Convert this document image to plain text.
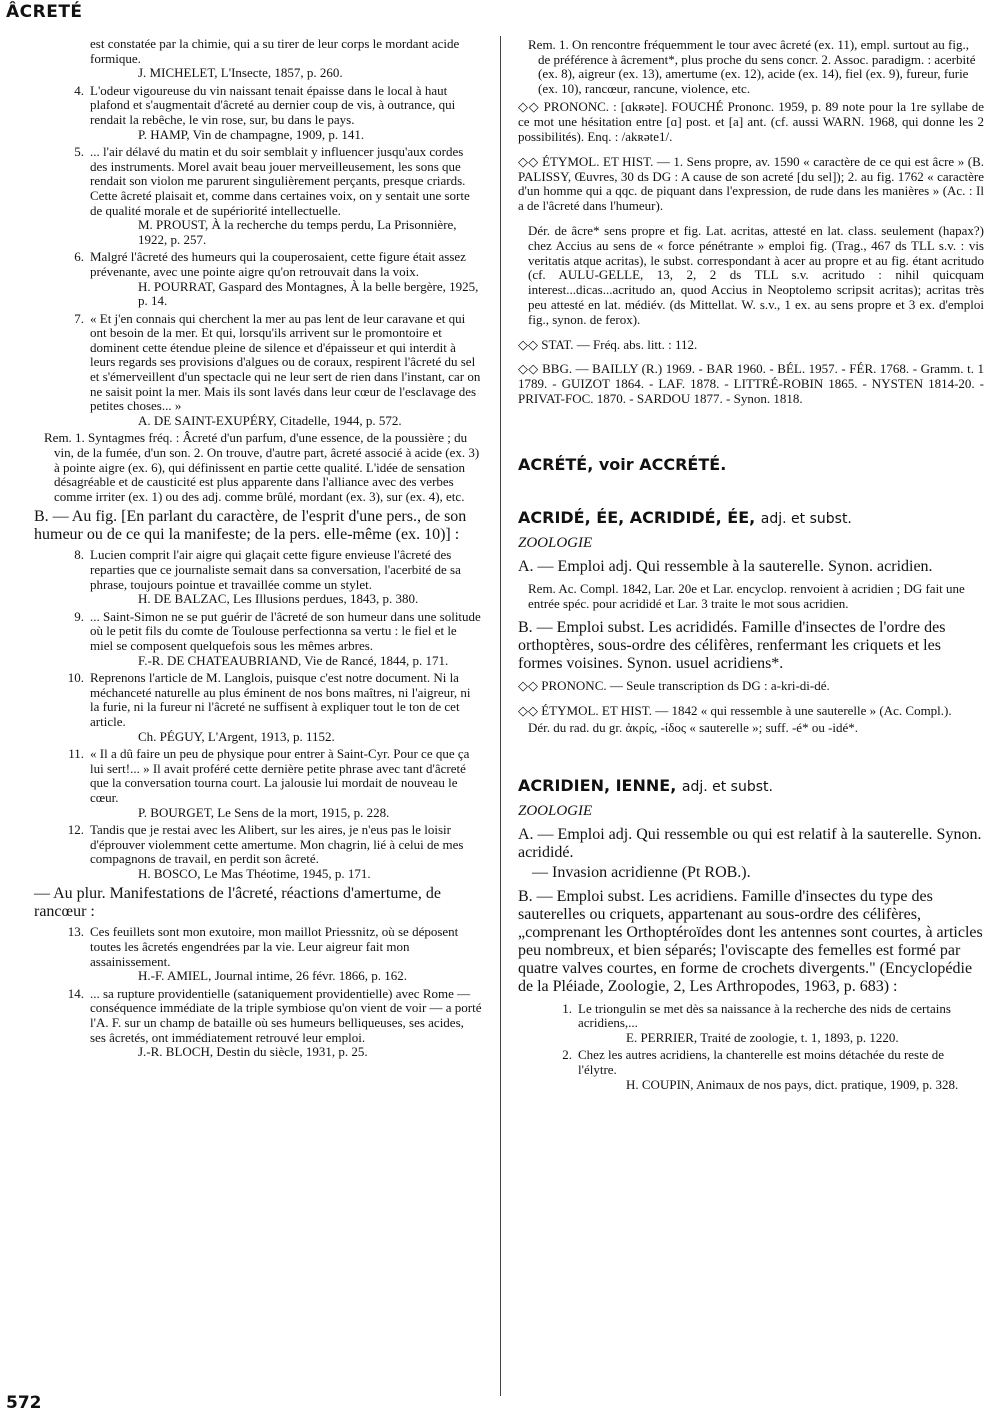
ÂCRETÉ
est constatée par la chimie, qui a su tirer de leur corps le mordant acide formique.
J. MICHELET, L'Insecte, 1857, p. 260.
4. L'odeur vigoureuse du vin naissant tenait épaisse dans le local à haut plafond et s'augmentait d'âcreté au dernier coup de vis, à outrance, qui rendait la rebêche, le vin rose, sur, bu dans le pays.
P. HAMP, Vin de champagne, 1909, p. 141.
5. ... l'air délavé du matin et du soir semblait y influencer jusqu'aux cordes des instruments. Morel avait beau jouer merveilleusement, les sons que rendait son violon me parurent singulièrement perçants, presque criards. Cette âcreté plaisait et, comme dans certaines voix, on y sentait une sorte de qualité morale et de supériorité intellectuelle.
M. PROUST, À la recherche du temps perdu, La Prisonnière, 1922, p. 257.
6. Malgré l'âcreté des humeurs qui la couperosaient, cette figure était assez prévenante, avec une pointe aigre qu'on retrouvait dans la voix.
H. POURRAT, Gaspard des Montagnes, À la belle bergère, 1925, p. 14.
7. « Et j'en connais qui cherchent la mer au pas lent de leur caravane et qui ont besoin de la mer. Et qui, lorsqu'ils arrivent sur le promontoire et dominent cette étendue pleine de silence et d'épaisseur et qui interdit à leurs regards ses provisions d'algues ou de coraux, respirent l'âcreté du sel et s'émerveillent d'un spectacle qui ne leur sert de rien dans l'instant, car on ne saisit point la mer. Mais ils sont lavés dans leur cœur de l'esclavage des petites choses... »
A. DE SAINT-EXUPÉRY, Citadelle, 1944, p. 572.
Rem. 1. Syntagmes fréq. : Âcreté d'un parfum, d'une essence, de la poussière ; du vin, de la fumée, d'un son. 2. On trouve, d'autre part, âcreté associé à acide (ex. 3) à pointe aigre (ex. 6), qui définissent en partie cette qualité. L'idée de sensation désagréable et de causticité est plus apparente dans l'alliance avec des verbes comme irriter (ex. 1) ou des adj. comme brûlé, mordant (ex. 3), sur (ex. 4), etc.
B. — Au fig. [En parlant du caractère, de l'esprit d'une pers., de son humeur ou de ce qui la manifeste; de la pers. elle-même (ex. 10)] :
8. Lucien comprit l'air aigre qui glaçait cette figure envieuse l'âcreté des reparties que ce journaliste semait dans sa conversation, l'acerbité de sa phrase, toujours pointue et travaillée comme un stylet.
H. DE BALZAC, Les Illusions perdues, 1843, p. 380.
9. ... Saint-Simon ne se put guérir de l'âcreté de son humeur dans une solitude où le petit fils du comte de Toulouse perfectionna sa vertu : le fiel et le miel se composent quelquefois sous les mêmes arbres.
F.-R. DE CHATEAUBRIAND, Vie de Rancé, 1844, p. 171.
10. Reprenons l'article de M. Langlois, puisque c'est notre document. Ni la méchanceté naturelle au plus éminent de nos bons maîtres, ni l'aigreur, ni la furie, ni la fureur ni l'âcreté ne suffisent à expliquer tout le ton de cet article.
Ch. PÉGUY, L'Argent, 1913, p. 1152.
11. « Il a dû faire un peu de physique pour entrer à Saint-Cyr. Pour ce que ça lui sert!... » Il avait proféré cette dernière petite phrase avec tant d'âcreté que la conversation tourna court. La jalousie lui mordait de nouveau le cœur.
P. BOURGET, Le Sens de la mort, 1915, p. 228.
12. Tandis que je restai avec les Alibert, sur les aires, je n'eus pas le loisir d'éprouver violemment cette amertume. Mon chagrin, lié à celui de mes compagnons de travail, en perdit son âcreté.
H. BOSCO, Le Mas Théotime, 1945, p. 171.
— Au plur. Manifestations de l'âcreté, réactions d'amertume, de rancœur :
13. Ces feuillets sont mon exutoire, mon maillot Priessnitz, où se déposent toutes les âcretés engendrées par la vie. Leur aigreur fait mon assainissement.
H.-F. AMIEL, Journal intime, 26 févr. 1866, p. 162.
14. ... sa rupture providentielle (sataniquement providentielle) avec Rome — conséquence immédiate de la triple symbiose qu'on vient de voir — a porté l'A. F. sur un champ de bataille où ses humeurs belliqueuses, ses acides, ses âcretés, ont immédiatement retrouvé leur emploi.
J.-R. BLOCH, Destin du siècle, 1931, p. 25.
Rem. 1. On rencontre fréquemment le tour avec âcreté (ex. 11), empl. surtout au fig., de préférence à âcrement*, plus proche du sens concr. 2. Assoc. paradigm. : acerbité (ex. 8), aigreur (ex. 13), amertume (ex. 12), acide (ex. 14), fiel (ex. 9), fureur, furie (ex. 10), rancœur, rancune, violence, etc.
◇◇ PRONONC. : [ɑkʀəte]. FOUCHÉ Prononc. 1959, p. 89 note pour la 1re syllabe de ce mot une hésitation entre [ɑ] post. et [a] ant. (cf. aussi WARN. 1968, qui donne les 2 possibilités). Enq. : /akʀəte1/.
◇◇ ÉTYMOL. ET HIST. — 1. Sens propre, av. 1590 « caractère de ce qui est âcre » (B. PALISSY, Œuvres, 30 ds DG : A cause de son acreté [du sel]); 2. au fig. 1762 « caractère d'un homme qui a qqc. de piquant dans l'expression, de rude dans les manières » (Ac. : Il a de l'âcreté dans l'humeur).
Dér. de âcre* sens propre et fig. Lat. acritas, attesté en lat. class. seulement (hapax?) chez Accius au sens de « force pénétrante » emploi fig. (Trag., 467 ds TLL s.v. : vis veritatis atque acritas), le subst. correspondant à acer au propre et au fig. étant acritudo (cf. AULU-GELLE, 13, 2, 2 ds TLL s.v. acritudo : nihil quicquam interest...dicas...acritudo an, quod Accius in Neoptolemo scripsit acritas); acritas très peu attesté en lat. médiév. (ds Mittellat. W. s.v., 1 ex. au sens propre et 3 ex. d'emploi fig., synon. de ferox).
◇◇ STAT. — Fréq. abs. litt. : 112.
◇◇ BBG. — BAILLY (R.) 1969. - BAR 1960. - BÉL. 1957. - FÉR. 1768. - Gramm. t. 1 1789. - GUIZOT 1864. - LAF. 1878. - LITTRÉ-ROBIN 1865. - NYSTEN 1814-20. - PRIVAT-FOC. 1870. - SARDOU 1877. - Synon. 1818.
ACRÉTÉ, voir ACCRÉTÉ.
ACRIDÉ, ÉE, ACRIDIDÉ, ÉE, adj. et subst.
ZOOLOGIE
A. — Emploi adj. Qui ressemble à la sauterelle. Synon. acridien.
Rem. Ac. Compl. 1842, Lar. 20e et Lar. encyclop. renvoient à acridien ; DG fait une entrée spéc. pour acrididé et Lar. 3 traite le mot sous acridien.
B. — Emploi subst. Les acrididés. Famille d'insectes de l'ordre des orthoptères, sous-ordre des célifères, renfermant les criquets et les formes voisines. Synon. usuel acridiens*.
◇◇ PRONONC. — Seule transcription ds DG : a-kri-di-dé.
◇◇ ÉTYMOL. ET HIST. — 1842 « qui ressemble à une sauterelle » (Ac. Compl.).
Dér. du rad. du gr. ἀκρίς, -ίδος « sauterelle »; suff. -é* ou -idé*.
ACRIDIEN, IENNE, adj. et subst.
ZOOLOGIE
A. — Emploi adj. Qui ressemble ou qui est relatif à la sauterelle. Synon. acrididé.
— Invasion acridienne (Pt ROB.).
B. — Emploi subst. Les acridiens. Famille d'insectes du type des sauterelles ou criquets, appartenant au sous-ordre des célifères, „comprenant les Orthoptéroïdes dont les antennes sont courtes, à articles peu nombreux, et bien séparés; l'oviscapte des femelles est formé par quatre valves courtes, en forme de crochets divergents." (Encyclopédie de la Pléiade, Zoologie, 2, Les Arthropodes, 1963, p. 683) :
1. Le triongulin se met dès sa naissance à la recherche des nids de certains acridiens,...
E. PERRIER, Traité de zoologie, t. 1, 1893, p. 1220.
2. Chez les autres acridiens, la chanterelle est moins détachée du reste de l'élytre.
H. COUPIN, Animaux de nos pays, dict. pratique, 1909, p. 328.
572
